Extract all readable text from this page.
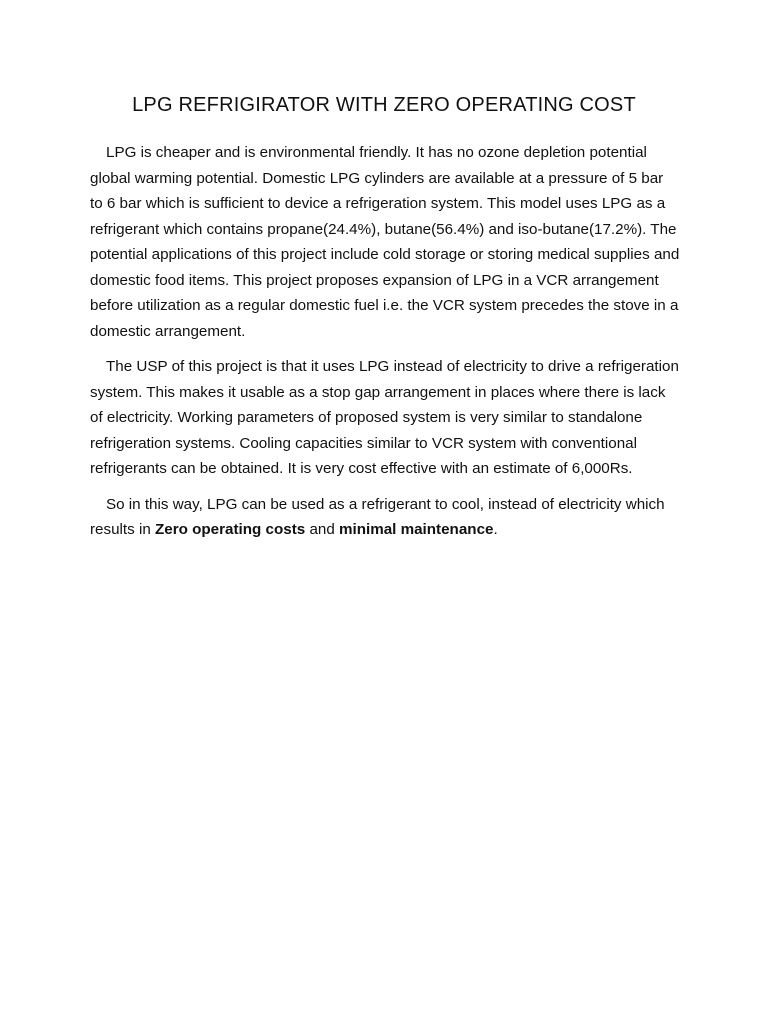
LPG REFRIGIRATOR WITH ZERO OPERATING COST

LPG is cheaper and is environmental friendly. It has no ozone depletion potential global warming potential. Domestic LPG cylinders are available at a pressure of 5 bar to 6 bar which is sufficient to device a refrigeration system. This model uses LPG as a refrigerant which contains propane(24.4%), butane(56.4%) and iso-butane(17.2%). The potential applications of this project include cold storage or storing medical supplies and domestic food items. This project proposes expansion of LPG in a VCR arrangement before utilization as a regular domestic fuel i.e. the VCR system precedes the stove in a domestic arrangement.

The USP of this project is that it uses LPG instead of electricity to drive a refrigeration system. This makes it usable as a stop gap arrangement in places where there is lack of electricity. Working parameters of proposed system is very similar to standalone refrigeration systems. Cooling capacities similar to VCR system with conventional refrigerants can be obtained. It is very cost effective with an estimate of 6,000Rs.

So in this way, LPG can be used as a refrigerant to cool, instead of electricity which results in Zero operating costs and minimal maintenance.
